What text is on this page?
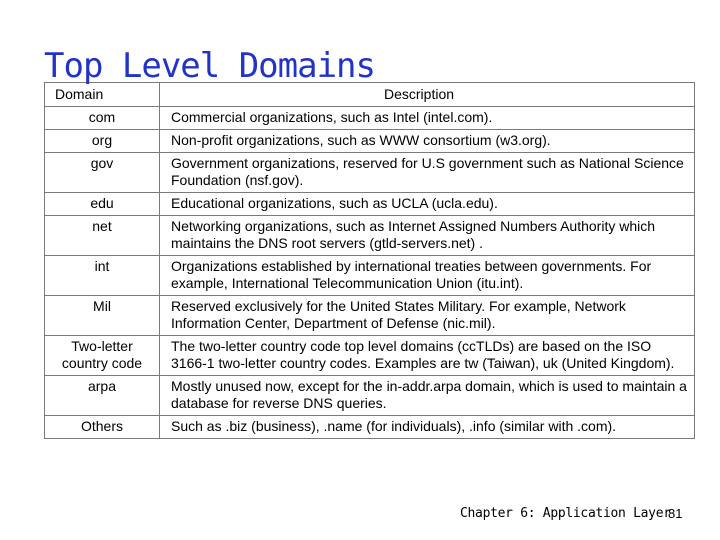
Top Level Domains
Domain	Description
com	Commercial organizations, such as Intel (intel.com).
org	Non-profit organizations, such as WWW consortium (w3.org).
gov	Government organizations, reserved for U.S government such as National Science Foundation (nsf.gov).
edu	Educational organizations, such as UCLA (ucla.edu).
net	Networking organizations, such as Internet Assigned Numbers Authority which maintains the DNS root servers (gtld-servers.net) .
int	Organizations established by international treaties between governments. For example, International Telecommunication Union (itu.int).
Mil	Reserved exclusively for the United States Military. For example, Network Information Center, Department of Defense (nic.mil).
Two-letter country code	The two-letter country code top level domains (ccTLDs) are based on the ISO 3166-1 two-letter country codes. Examples are tw (Taiwan), uk (United Kingdom).
arpa	Mostly unused now, except for the in-addr.arpa domain, which is used to maintain a database for reverse DNS queries.
Others	Such as .biz (business), .name (for individuals), .info (similar with .com).
Chapter 6: Application Layer
81
